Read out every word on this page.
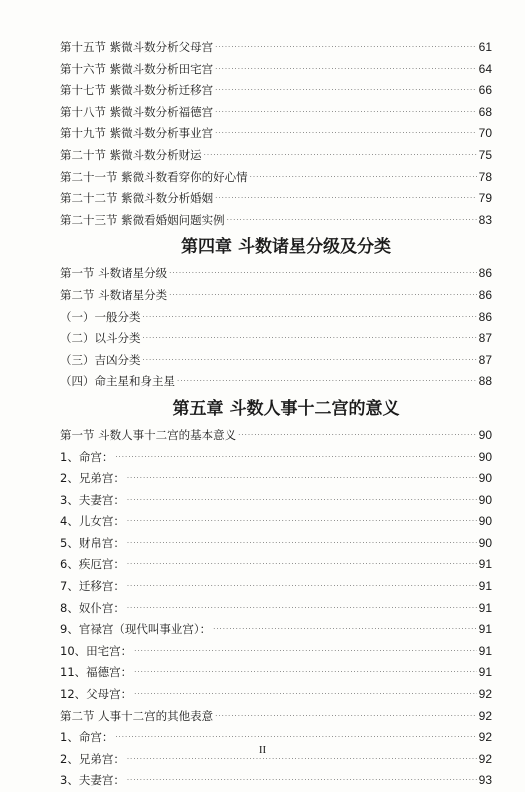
第十五节 紫微斗数分析父母宫 ·····	61
第十六节 紫微斗数分析田宅宫 ·····	64
第十七节 紫微斗数分析迁移宫 ·····	66
第十八节 紫微斗数分析福德宫 ·····	68
第十九节 紫微斗数分析事业宫 ·····	70
第二十节 紫微斗数分析财运 ·····	75
第二十一节 紫微斗数看穿你的好心情 ·····	78
第二十二节 紫微斗数分析婚姻 ·····	79
第二十三节 紫微看婚姻问题实例 ·····	83
第四章 斗数诸星分级及分类
第一节 斗数诸星分级 ·····	86
第二节 斗数诸星分类 ·····	86
（一）一般分类 ·····	86
（二）以斗分类 ·····	87
（三）吉凶分类 ·····	87
（四）命主星和身主星 ·····	88
第五章 斗数人事十二宫的意义
第一节 斗数人事十二宫的基本意义 ·····	90
1、命宫： ·····	90
2、兄弟宫： ·····	90
3、夫妻宫： ·····	90
4、儿女宫： ·····	90
5、财帛宫： ·····	90
6、疾厄宫： ·····	91
7、迁移宫： ·····	91
8、奴仆宫： ·····	91
9、官禄宫（现代叫事业宫）： ·····	91
10、田宅宫： ·····	91
11、福德宫： ·····	91
12、父母宫： ·····	92
第二节 人事十二宫的其他表意 ·····	92
1、命宫： ·····	92
2、兄弟宫： ·····	92
3、夫妻宫： ·····	93
II
